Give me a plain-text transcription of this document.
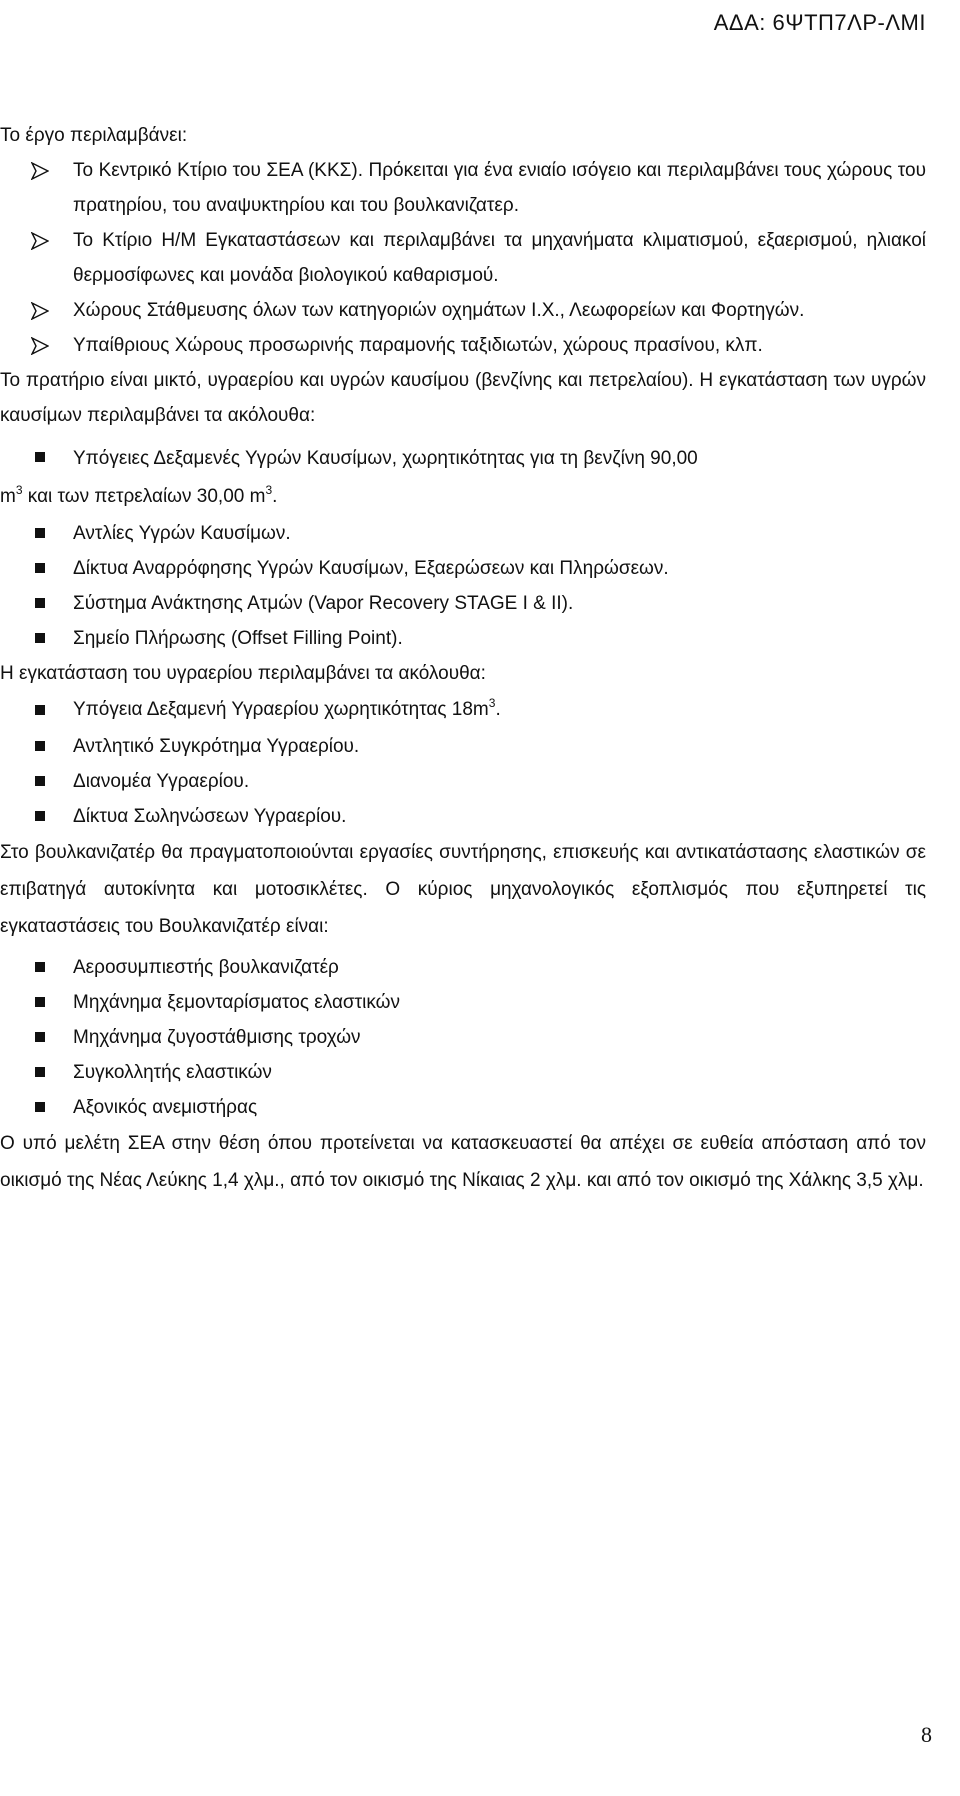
ΑΔΑ: 6ΨΤΠ7ΛΡ-ΛΜΙ

Το έργο περιλαμβάνει:

Το Κεντρικό Κτίριο του ΣΕΑ (ΚΚΣ). Πρόκειται για ένα ενιαίο ισόγειο και περιλαμβάνει τους χώρους του πρατηρίου, του αναψυκτηρίου και του βουλκανιζατερ.
Το Κτίριο Η/Μ Εγκαταστάσεων και περιλαμβάνει τα μηχανήματα κλιματισμού, εξαερισμού, ηλιακοί θερμοσίφωνες και μονάδα βιολογικού καθαρισμού.
Χώρους Στάθμευσης όλων των κατηγοριών οχημάτων Ι.Χ., Λεωφορείων και Φορτηγών.
Υπαίθριους Χώρους προσωρινής παραμονής ταξιδιωτών, χώρους πρασίνου, κλπ.

Το πρατήριο είναι μικτό, υγραερίου και υγρών καυσίμου (βενζίνης και πετρελαίου). Η εγκατάσταση των υγρών καυσίμων περιλαμβάνει τα ακόλουθα:

Υπόγειες Δεξαμενές Υγρών Καυσίμων, χωρητικότητας για τη βενζίνη 90,00
$m^3$ και των πετρελαίων 30,00 $m^3$.
Αντλίες Υγρών Καυσίμων.
Δίκτυα Αναρρόφησης Υγρών Καυσίμων, Εξαερώσεων και Πληρώσεων.
Σύστημα Ανάκτησης Ατμών (Vapor Recovery STAGE I & II).
Σημείο Πλήρωσης (Offset Filling Point).

Η εγκατάσταση του υγραερίου περιλαμβάνει τα ακόλουθα:

Υπόγεια Δεξαμενή Υγραερίου χωρητικότητας $18m^3$.
Αντλητικό Συγκρότημα Υγραερίου.
Διανομέα Υγραερίου.
Δίκτυα Σωληνώσεων Υγραερίου.

Στο βουλκανιζατέρ θα πραγματοποιούνται εργασίες συντήρησης, επισκευής και αντικατάστασης ελαστικών σε επιβατηγά αυτοκίνητα και μοτοσικλέτες. Ο κύριος μηχανολογικός εξοπλισμός που εξυπηρετεί τις εγκαταστάσεις του Βουλκανιζατέρ είναι:

Αεροσυμπιεστής βουλκανιζατέρ
Μηχάνημα ξεμονταρίσματος ελαστικών
Μηχάνημα ζυγοστάθμισης τροχών
Συγκολλητής ελαστικών
Αξονικός ανεμιστήρας

Ο υπό μελέτη ΣΕΑ στην θέση όπου προτείνεται να κατασκευαστεί θα απέχει σε ευθεία απόσταση από τον οικισμό της Νέας Λεύκης 1,4 χλμ., από τον οικισμό της Νίκαιας 2 χλμ. και από τον οικισμό της Χάλκης 3,5 χλμ.

8
